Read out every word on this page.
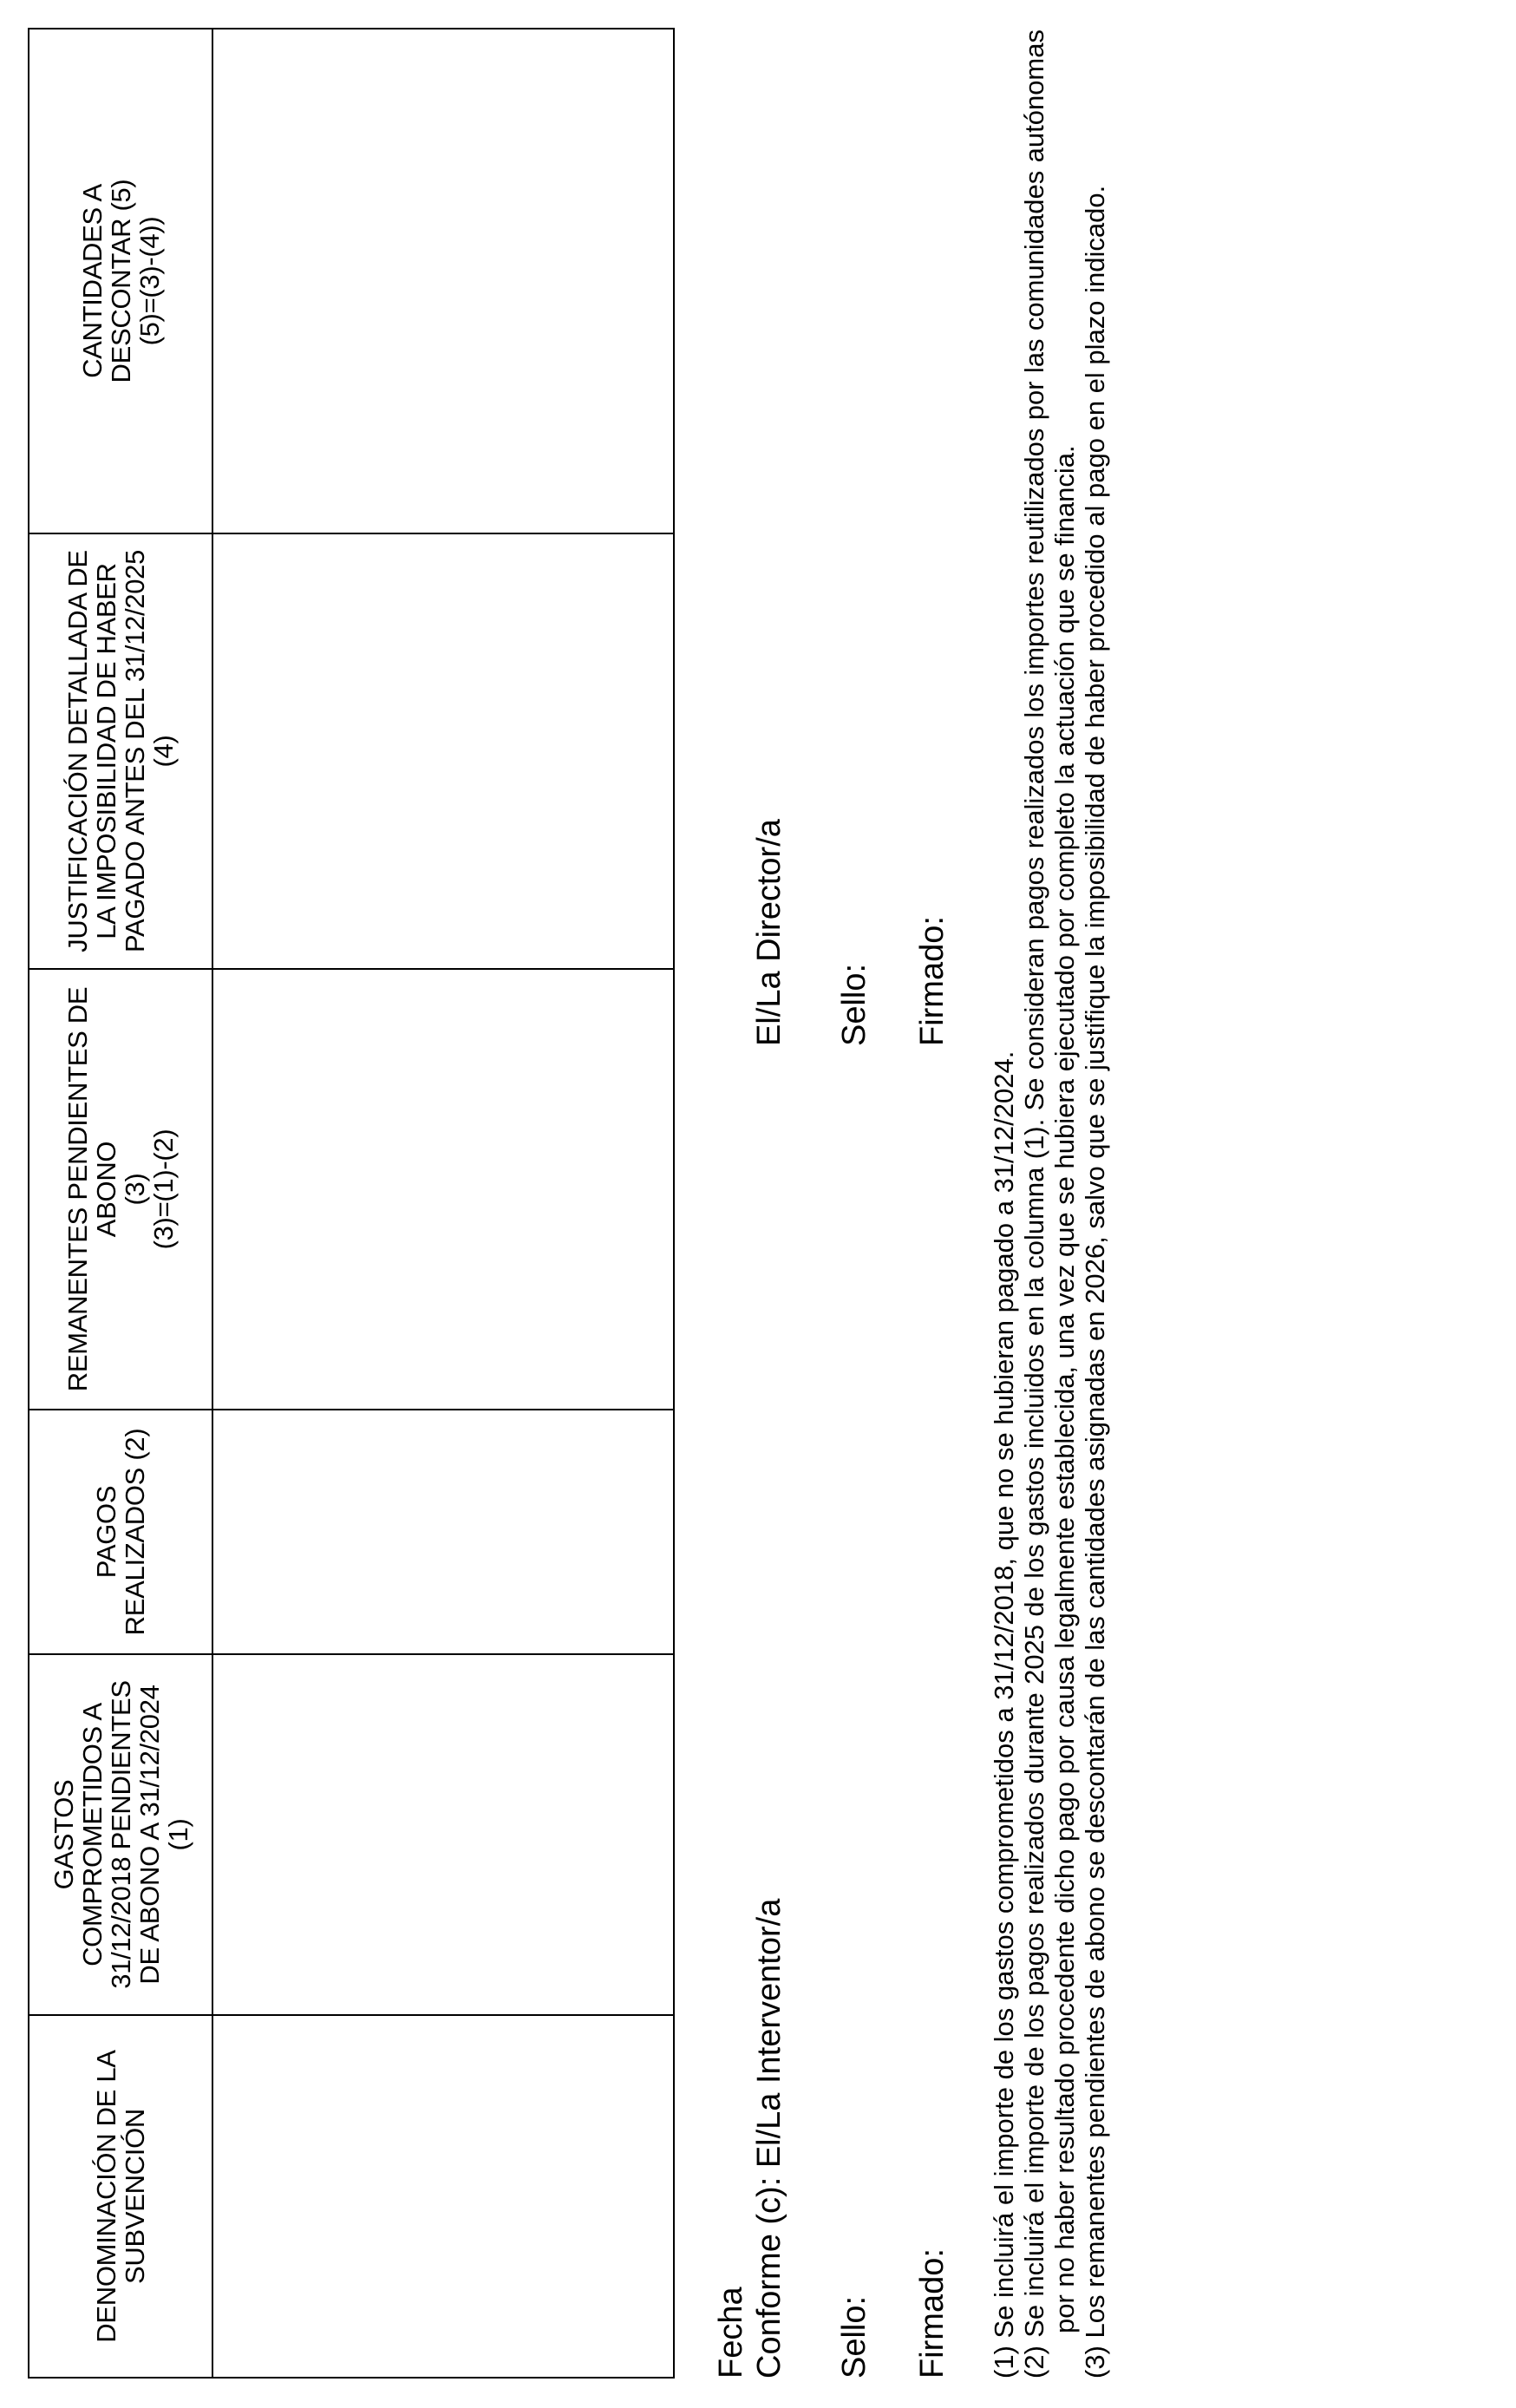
DENOMINACIÓN DE LA SUBVENCIÓN	GASTOS
COMPROMETIDOS A
31/12/2018 PENDIENTES
DE ABONO A 31/12/2024
(1)	PAGOS
REALIZADOS (2)	REMANENTES PENDIENTES DE
ABONO
(3)
(3)=(1)-(2)	JUSTIFICACIÓN DETALLADA DE
LA IMPOSIBILIDAD DE HABER
PAGADO ANTES DEL 31/12/2025
(4)	CANTIDADES A
DESCONTAR (5)
(5)=(3)-(4))

Fecha Conforme (c): El/La Interventor/a
El/La Director/a
Sello:
Sello:
Firmado:
Firmado:

(1) Se incluirá el importe de los gastos comprometidos a 31/12/2018, que no se hubieran pagado a 31/12/2024. (2) Se incluirá el importe de los pagos realizados durante 2025 de los gastos incluidos en la columna (1). Se consideran pagos realizados los importes reutilizados por las comunidades autónomas por no haber resultado procedente dicho pago por causa legalmente establecida, una vez que se hubiera ejecutado por completo la actuación que se financia. (3) Los remanentes pendientes de abono se descontarán de las cantidades asignadas en 2026, salvo que se justifique la imposibilidad de haber procedido al pago en el plazo indicado.
